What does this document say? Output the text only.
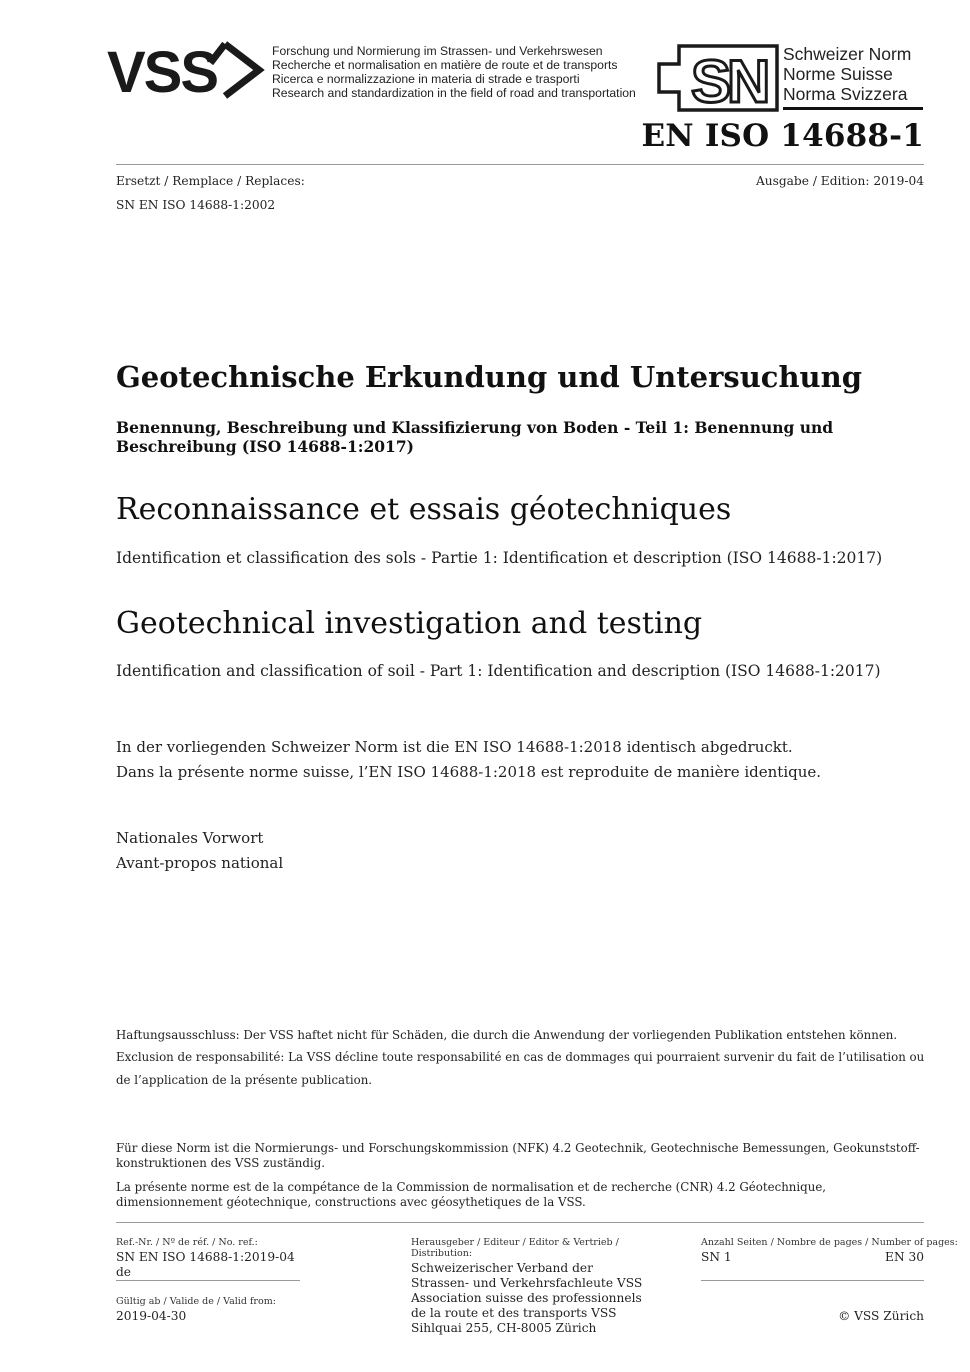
VSS	Forschung und Normierung im Strassen- und Verkehrswesen
Recherche et normalisation en matière de route et de transports
Ricerca e normalizzazione in materia di strade e trasporti
Research and standardization in the field of road and transportation SN Schweizer Norm
Norme Suisse
Norma Svizzera
EN ISO 14688-1
Ersetzt / Remplace / Replaces:	Ausgabe / Edition: 2019-04
SN EN ISO 14688-1:2002
Geotechnische Erkundung und Untersuchung
Benennung, Beschreibung und Klassifizierung von Boden - Teil 1: Benennung und Beschreibung (ISO 14688-1:2017)
Reconnaissance et essais géotechniques
Identification et classification des sols - Partie 1: Identification et description (ISO 14688-1:2017)
Geotechnical investigation and testing
Identification and classification of soil - Part 1: Identification and description (ISO 14688-1:2017)
In der vorliegenden Schweizer Norm ist die EN ISO 14688-1:2018 identisch abgedruckt.
Dans la présente norme suisse, l’EN ISO 14688-1:2018 est reproduite de manière identique.
Nationales Vorwort
Avant-propos national
Haftungsausschluss: Der VSS haftet nicht für Schäden, die durch die Anwendung der vorliegenden Publikation entstehen können.
Exclusion de responsabilité: La VSS décline toute responsabilité en cas de dommages qui pourraient survenir du fait de l’utilisation ou
de l’application de la présente publication.
Für diese Norm ist die Normierungs- und Forschungskommission (NFK) 4.2 Geotechnik, Geotechnische Bemessungen, Geokunststoff-konstruktionen des VSS zuständig.
La présente norme est de la compétance de la Commission de normalisation et de recherche (CNR) 4.2 Géotechnique, dimensionnement géotechnique, constructions avec géosythetiques de la VSS.
Ref.-Nr. / Nº de réf. / No. ref.:
SN EN ISO 14688-1:2019-04 de
Gültig ab / Valide de / Valid from:
2019-04-30
Herausgeber / Editeur / Editor & Vertrieb / Distribution:
Schweizerischer Verband der
Strassen- und Verkehrsfachleute VSS
Association suisse des professionnels
de la route et des transports VSS
Sihlquai 255, CH-8005 Zürich
Anzahl Seiten / Nombre de pages / Number of pages:
SN 1	EN 30
© VSS Zürich
